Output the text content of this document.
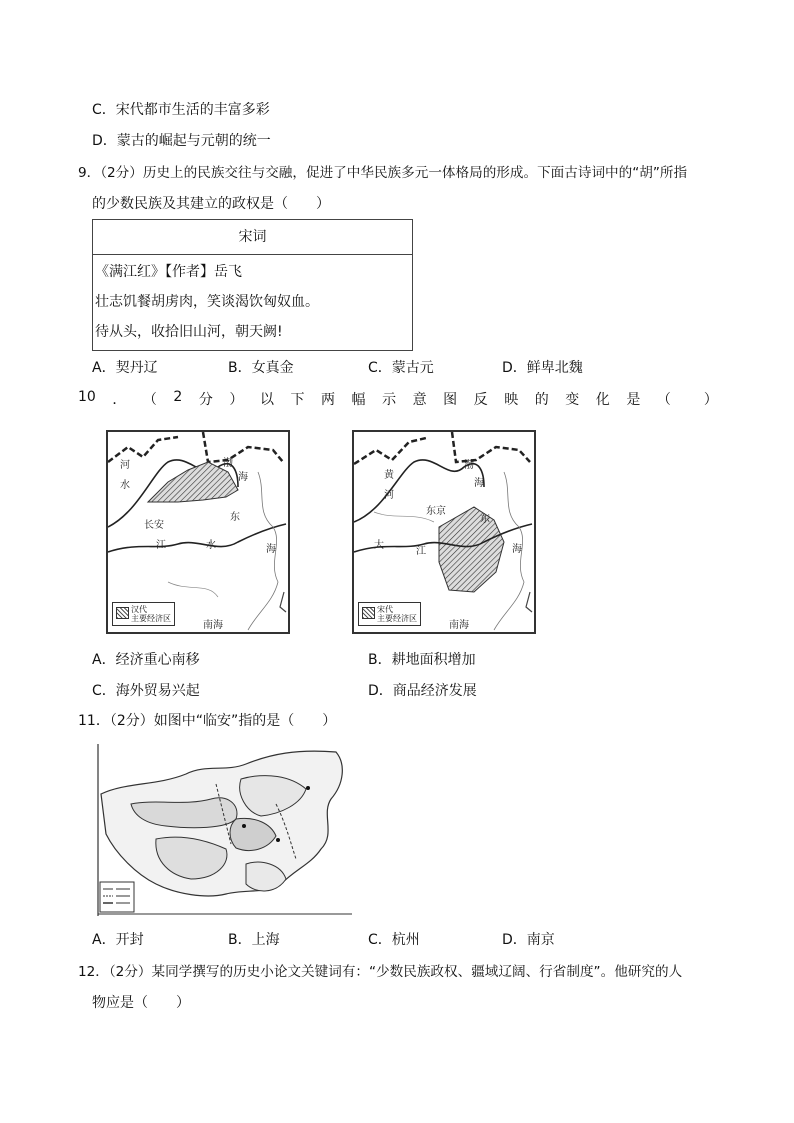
C．宋代都市生活的丰富多彩
D．蒙古的崛起与元朝的统一
9．（2分）历史上的民族交往与交融，促进了中华民族多元一体格局的形成。下面古诗词中的“胡”所指
的少数民族及其建立的政权是（　　）
宋词
《满江红》【作者】岳飞
壮志饥餐胡虏肉，笑谈渴饮匈奴血。
待从头，收拾旧山河，朝天阙!
A．契丹辽	B．女真金	C．蒙古元	D．鲜卑北魏
10 ． （ 2 分 ） 以 下 两 幅 示 意 图 反 映 的 变 化 是 （ ）
河
水
渤
海
长安
东
江	水	海
南海
汉代
主要经济区
黄
河
渤
海
东京
东
大
江	海
南海
宋代
主要经济区
A．经济重心南移	B．耕地面积增加
C．海外贸易兴起	D．商品经济发展
11．（2分）如图中“临安”指的是（　　）
A．开封	B．上海	C．杭州	D．南京
12．（2分）某同学撰写的历史小论文关键词有：“少数民族政权、疆域辽阔、行省制度”。他研究的人
物应是（　　）
